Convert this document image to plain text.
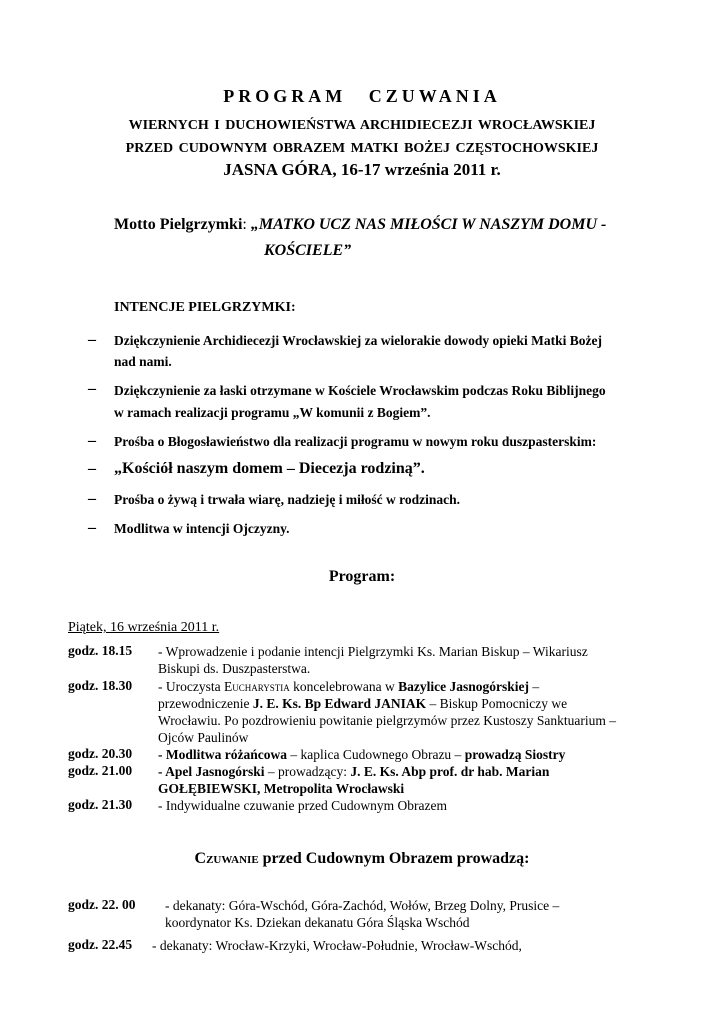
PROGRAM CZUWANIA
WIERNYCH I DUCHOWIEŃSTWA ARCHIDIECEZJI WROCŁAWSKIEJ
PRZED CUDOWNYM OBRAZEM MATKI BOŻEJ CZĘSTOCHOWSKIEJ
JASNA GÓRA, 16-17 września 2011 r.
Motto Pielgrzymki: „MATKO UCZ NAS MIŁOŚCI W NASZYM DOMU -
KOŚCIELE”
INTENCJE PIELGRZYMKI:
– Dziękczynienie Archidiecezji Wrocławskiej za wielorakie dowody opieki Matki Bożej
nad nami.
– Dziękczynienie za łaski otrzymane w Kościele Wrocławskim podczas Roku Biblijnego
w ramach realizacji programu „W komunii z Bogiem”.
– Prośba o Błogosławieństwo dla realizacji programu w nowym roku duszpasterskim:
– „Kościół naszym domem – Diecezja rodziną”.
– Prośba o żywą i trwała wiarę, nadzieję i miłość w rodzinach.
– Modlitwa w intencji Ojczyzny.
Program:
Piątek, 16 września 2011 r.
godz. 18.15 - Wprowadzenie i podanie intencji Pielgrzymki Ks. Marian Biskup – Wikariusz
Biskupi ds. Duszpasterstwa.
godz. 18.30 - Uroczysta Eucharystia koncelebrowana w Bazylice Jasnogórskiej –
przewodniczenie J. E. Ks. Bp Edward JANIAK – Biskup Pomocniczy we
Wrocławiu. Po pozdrowieniu powitanie pielgrzymów przez Kustoszy Sanktuarium –
Ojców Paulinów
godz. 20.30 - Modlitwa różańcowa – kaplica Cudownego Obrazu – prowadzą Siostry
godz. 21.00 - Apel Jasnogórski – prowadzący: J. E. Ks. Abp prof. dr hab. Marian
GOŁĘBIEWSKI, Metropolita Wrocławski
godz. 21.30 - Indywidualne czuwanie przed Cudownym Obrazem
Czuwanie przed Cudownym Obrazem prowadzą:
godz. 22. 00 - dekanaty: Góra-Wschód, Góra-Zachód, Wołów, Brzeg Dolny, Prusice –
koordynator Ks. Dziekan dekanatu Góra Śląska Wschód
godz. 22.45 - dekanaty: Wrocław-Krzyki, Wrocław-Południe, Wrocław-Wschód,
